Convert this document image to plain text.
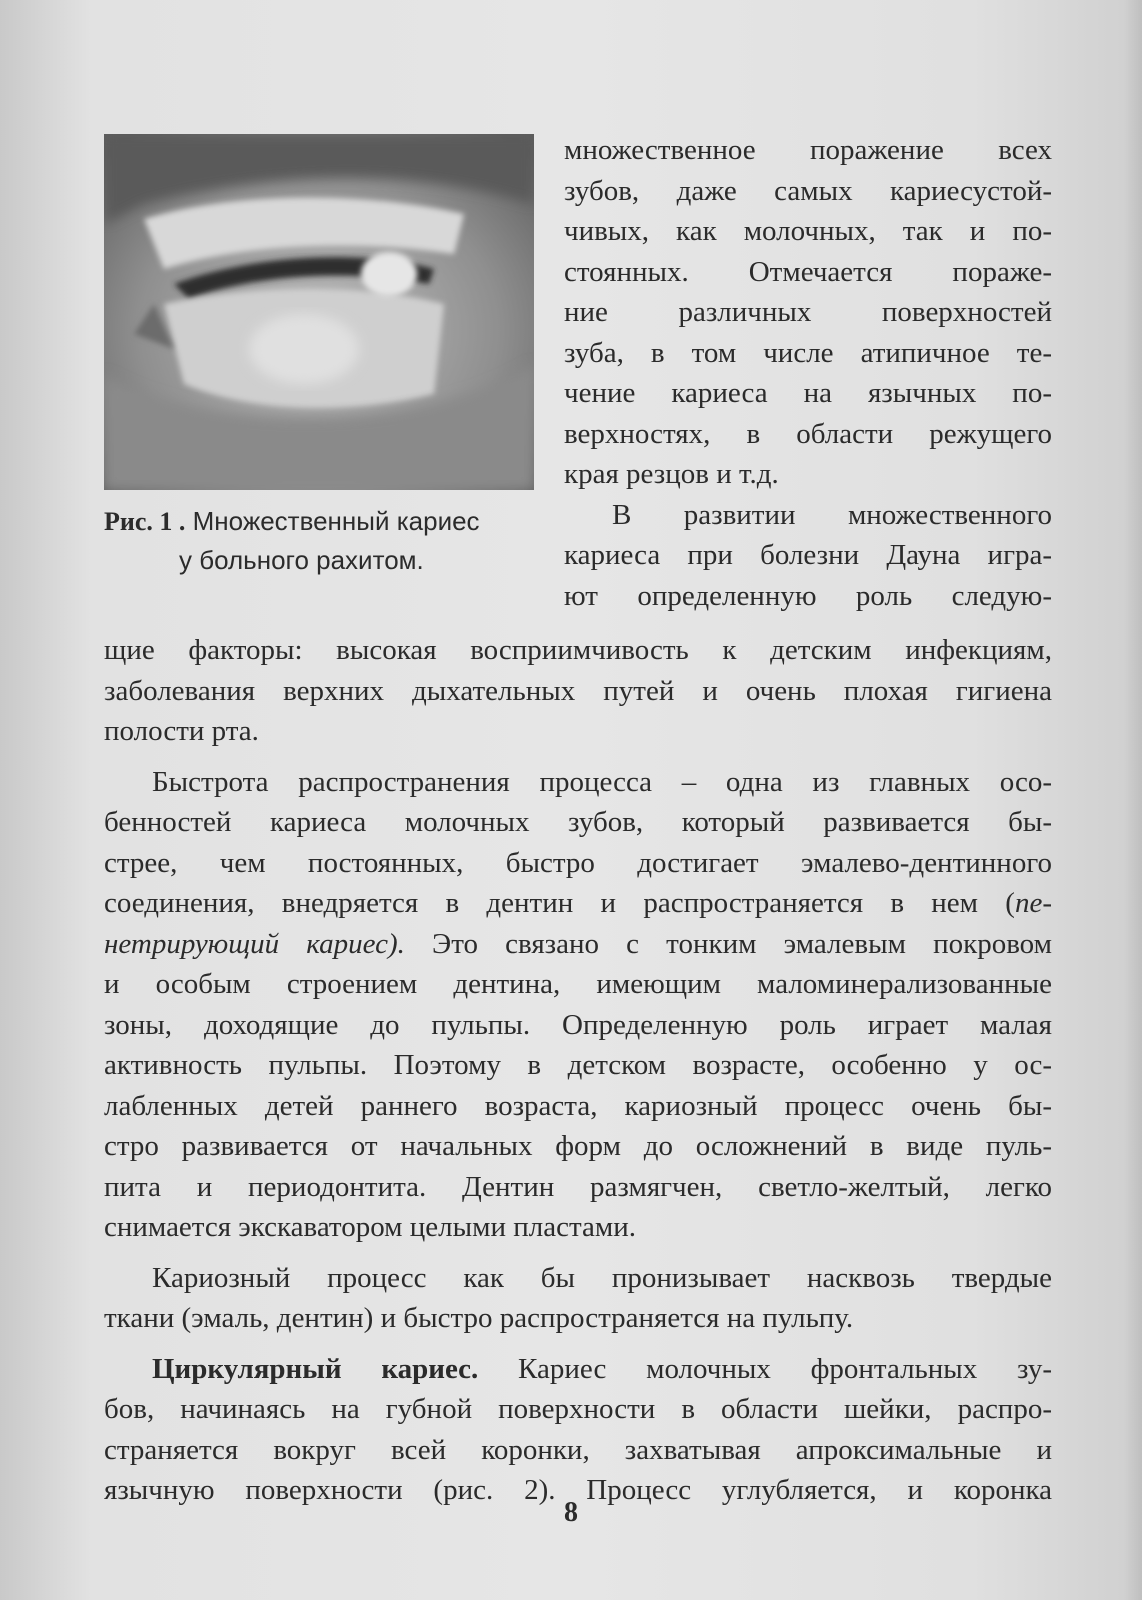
Рис. 1 . Множественный кариес
у больного рахитом.
множественное поражение всех
зубов, даже самых кариесустой-
чивых, как молочных, так и по-
стоянных. Отмечается пораже-
ние различных поверхностей
зуба, в том числе атипичное те-
чение кариеса на язычных по-
верхностях, в области режущего
края резцов и т.д.
В развитии множественного
кариеса при болезни Дауна игра-
ют определенную роль следую-
щие факторы: высокая восприимчивость к детским инфекциям,
заболевания верхних дыхательных путей и очень плохая гигиена
полости рта.
Быстрота распространения процесса – одна из главных осо-
бенностей кариеса молочных зубов, который развивается бы-
стрее, чем постоянных, быстро достигает эмалево-дентинного
соединения, внедряется в дентин и распространяется в нем (пе-
нетрирующий кариес). Это связано с тонким эмалевым покровом
и особым строением дентина, имеющим маломинерализованные
зоны, доходящие до пульпы. Определенную роль играет малая
активность пульпы. Поэтому в детском возрасте, особенно у ос-
лабленных детей раннего возраста, кариозный процесс очень бы-
стро развивается от начальных форм до осложнений в виде пуль-
пита и периодонтита. Дентин размягчен, светло-желтый, легко
снимается экскаватором целыми пластами.
Кариозный процесс как бы пронизывает насквозь твердые
ткани (эмаль, дентин) и быстро распространяется на пульпу.
Циркулярный кариес. Кариес молочных фронтальных зу-
бов, начинаясь на губной поверхности в области шейки, распро-
страняется вокруг всей коронки, захватывая апроксимальные и
язычную поверхности (рис. 2). Процесс углубляется, и коронка
8
